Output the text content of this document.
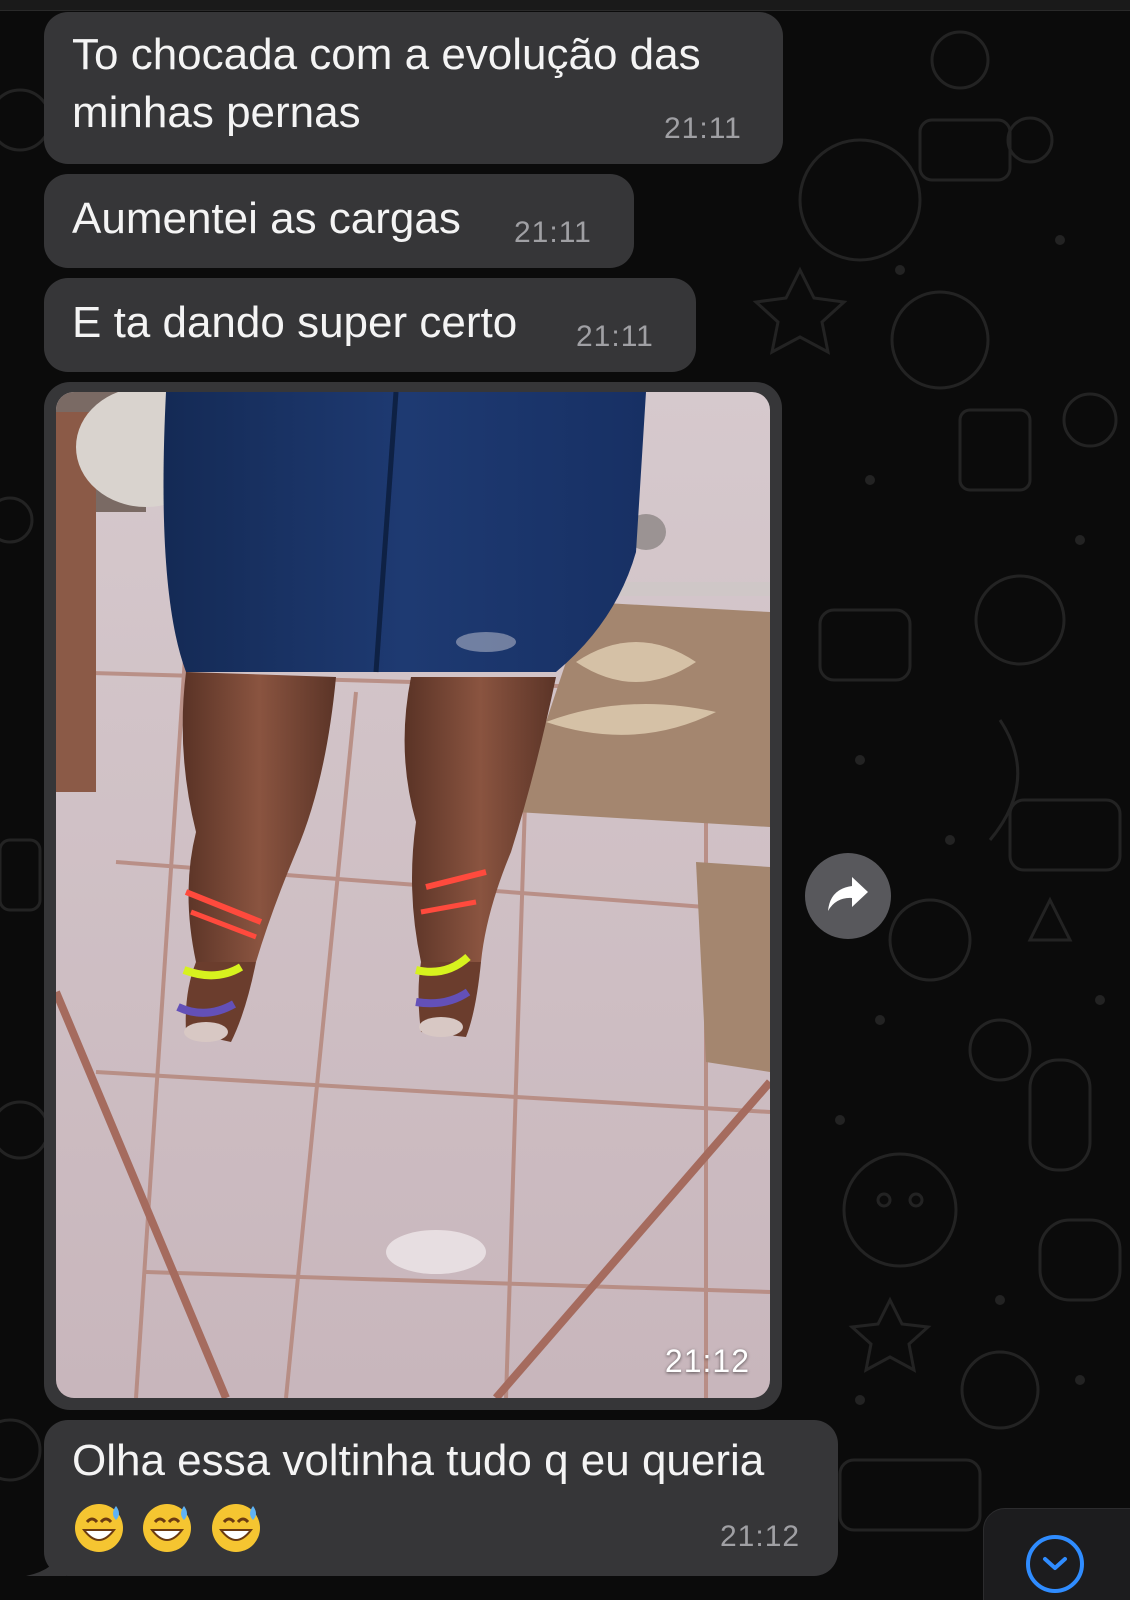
To chocada com a evolução das
minhas pernas	21:11
Aumentei as cargas 21:11
E ta dando super certo 21:11
21:12
Olha essa voltinha tudo q eu queria

21:12
